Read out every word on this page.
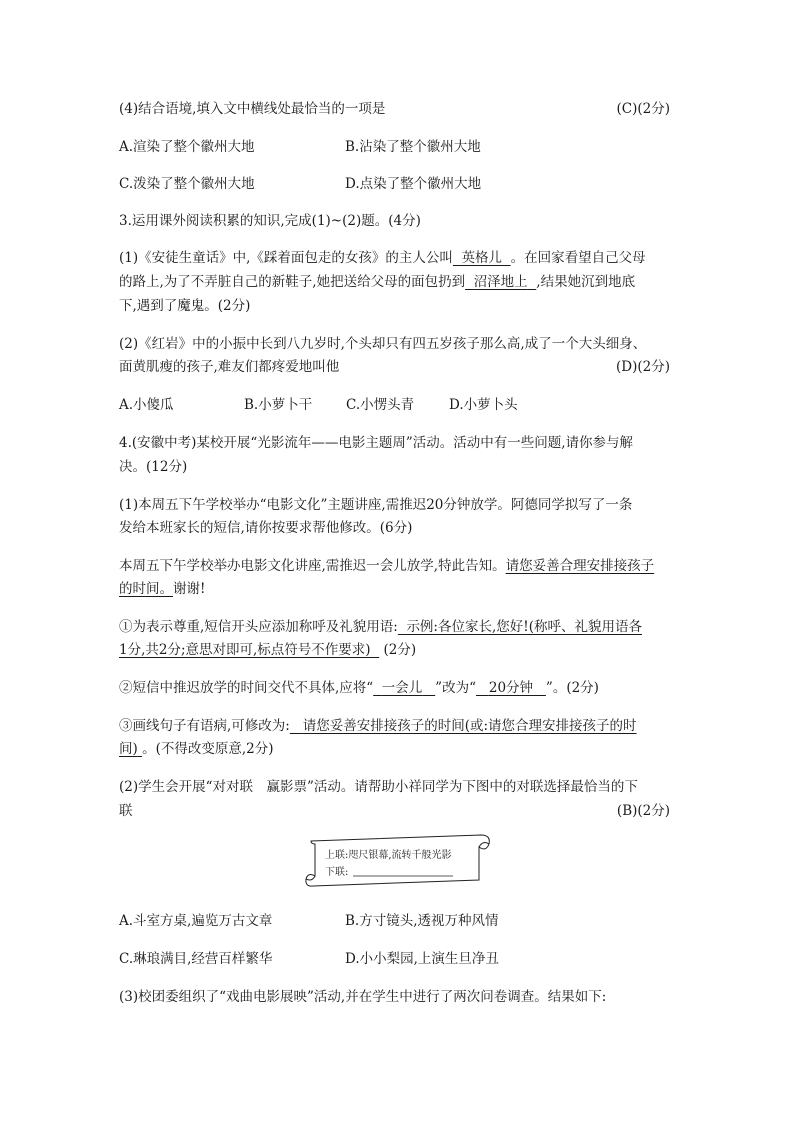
(4)结合语境,填入文中横线处最恰当的一项是	(C)(2分)
A.渲染了整个徽州大地	B.沾染了整个徽州大地
C.泼染了整个徽州大地	D.点染了整个徽州大地
3.运用课外阅读积累的知识,完成(1)~(2)题。(4分)
(1)《安徒生童话》中,《踩着面包走的女孩》的主人公叫 英格儿 。在回家看望自己父母
的路上,为了不弄脏自己的新鞋子,她把送给父母的面包扔到 沼泽地上 ,结果她沉到地底
下,遇到了魔鬼。(2分)
(2)《红岩》中的小振中长到八九岁时,个头却只有四五岁孩子那么高,成了一个大头细身、
面黄肌瘦的孩子,难友们都疼爱地叫他	(D)(2分)
A.小傻瓜	B.小萝卜干	C.小愣头青	D.小萝卜头
4.(安徽中考)某校开展“光影流年——电影主题周”活动。活动中有一些问题,请你参与解
决。(12分)
(1)本周五下午学校举办“电影文化”主题讲座,需推迟20分钟放学。阿德同学拟写了一条
发给本班家长的短信,请你按要求帮他修改。(6分)
本周五下午学校举办电影文化讲座,需推迟一会儿放学,特此告知。请您妥善合理安排接孩子
的时间。谢谢!
①为表示尊重,短信开头应添加称呼及礼貌用语: 示例:各位家长,您好!(称呼、礼貌用语各
1分,共2分;意思对即可,标点符号不作要求) (2分)
②短信中推迟放学的时间交代不具体,应将“ 一会儿 ”改为“ 20分钟 ”。(2分)
③画线句子有语病,可修改为: 请您妥善安排接孩子的时间(或:请您合理安排接孩子的时
间) 。(不得改变原意,2分)
(2)学生会开展“对对联　赢影票”活动。请帮助小祥同学为下图中的对联选择最恰当的下
联	(B)(2分)
上联:咫尺银幕,流转千般光影
下联:
A.斗室方桌,遍览万古文章	B.方寸镜头,透视万种风情
C.琳琅满目,经营百样繁华	D.小小梨园,上演生旦净丑
(3)校团委组织了“戏曲电影展映”活动,并在学生中进行了两次问卷调查。结果如下:
